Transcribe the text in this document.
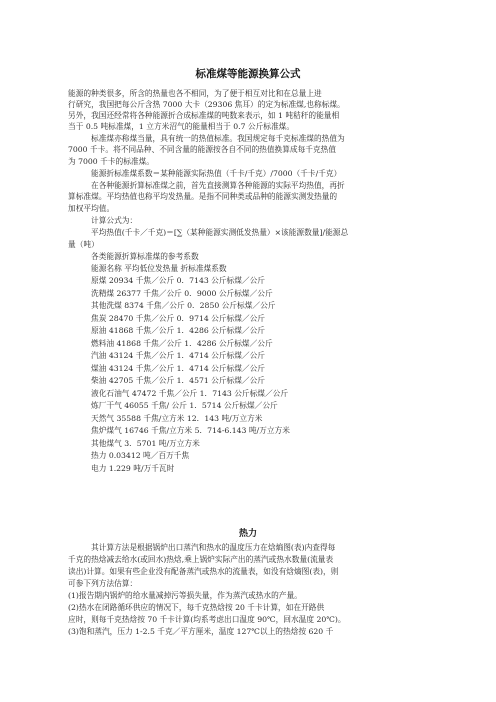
标准煤等能源换算公式
能源的种类很多，所含的热量也各不相同，为了便于相互对比和在总量上进
行研究，我国把每公斤含热 7000 大卡（29306 焦耳）的定为标准煤,也称标煤。
另外，我国还经常将各种能源折合成标准煤的吨数来表示，如 1 吨秸秆的能量相
当于 0.5 吨标准煤，1 立方米沼气的能量相当于 0.7 公斤标准煤。
标准煤亦称煤当量，具有统一的热值标准。我国规定每千克标准煤的热值为
7000 千卡。将不同品种、不同含量的能源按各自不同的热值换算成每千克热值
为 7000 千卡的标准煤。
能源折标准煤系数＝某种能源实际热值（千卡/千克）/7000（千卡/千克）
在各种能源折算标准煤之前，首先直接测算各种能源的实际平均热值，再折
算标准煤。平均热值也称平均发热量。是指不同种类或品种的能源实测发热量的
加权平均值。
计算公式为：
平均热值(千卡／千克)＝[∑（某种能源实测低发热量）×该能源数量]/能源总
量（吨）
各类能源折算标准煤的参考系数
能源名称 平均低位发热量 折标准煤系数
原煤 20934 千焦／公斤 0．7143 公斤标煤／公斤
洗精煤 26377 千焦／公斤 0．9000 公斤标煤／公斤
其他洗煤 8374 千焦／公斤 0．2850 公斤标煤／公斤
焦炭 28470 千焦／公斤 0．9714 公斤标煤／公斤
原油 41868 千焦／公斤 1．4286 公斤标煤／公斤
燃料油 41868 千焦／公斤 1．4286 公斤标煤／公斤
汽油 43124 千焦／公斤 1．4714 公斤标煤／公斤
煤油 43124 千焦／公斤 1．4714 公斤标煤／公斤
柴油 42705 千焦／公斤 1．4571 公斤标煤／公斤
液化石油气 47472 千焦／公斤 1．7143 公斤标煤／公斤
炼厂干气 46055 千焦/ 公斤 1．5714 公斤标煤／公斤
天然气 35588 千焦/立方米 12．143 吨/万立方米
焦炉煤气 16746 千焦/立方米 5．714-6.143 吨/万立方米
其他煤气 3．5701 吨/万立方米
热力 0.03412 吨／百万千焦
电力 1.229 吨/万千瓦时
热力
其计算方法是根据锅炉出口蒸汽和热水的温度压力在焓熵图(表)内查得每
千克的热焓减去给水(或回水)热焓,乘上锅炉实际产出的蒸汽或热水数量(流量表
读出)计算。如果有些企业没有配备蒸汽或热水的流量表，如没有焓熵图(表)，则
可参下列方法估算：
(1)报告期内锅炉的给水量减掉污等损失量，作为蒸汽或热水的产量。
(2)热水在闭路循环供应的情况下，每千克热焓按 20 千卡计算，如在开路供
应时，则每千克热焓按 70 千卡计算(均系考虑出口温度 90℃，回水温度 20℃)。
(3)饱和蒸汽，压力 1-2.5 千克／平方厘米，温度 127℃以上的热焓按 620 千
